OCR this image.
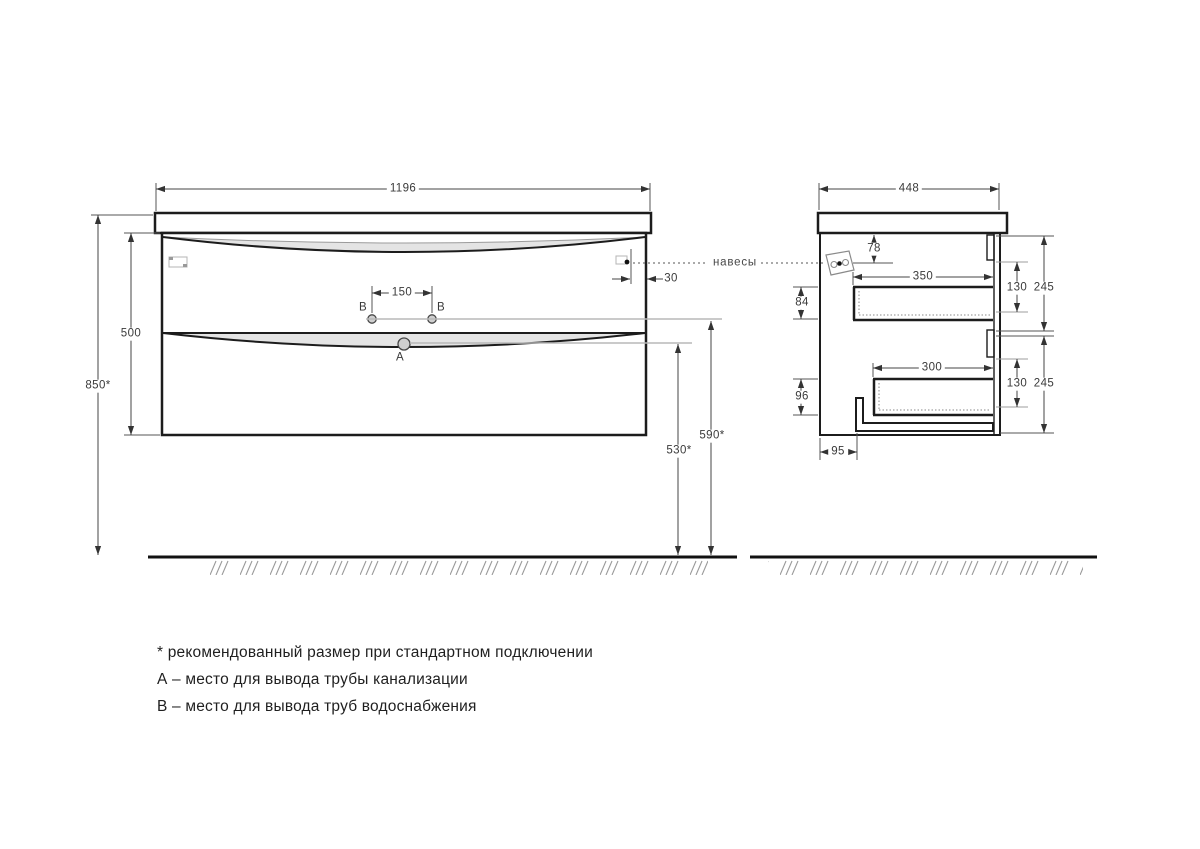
1196
500
850*
150
30
530*
590*
В	В
А
навесы
448
78
350
84
130 245
300
96
130 245
95
* рекомендованный размер при стандартном подключении
А – место для вывода трубы канализации
В – место для вывода труб водоснабжения
